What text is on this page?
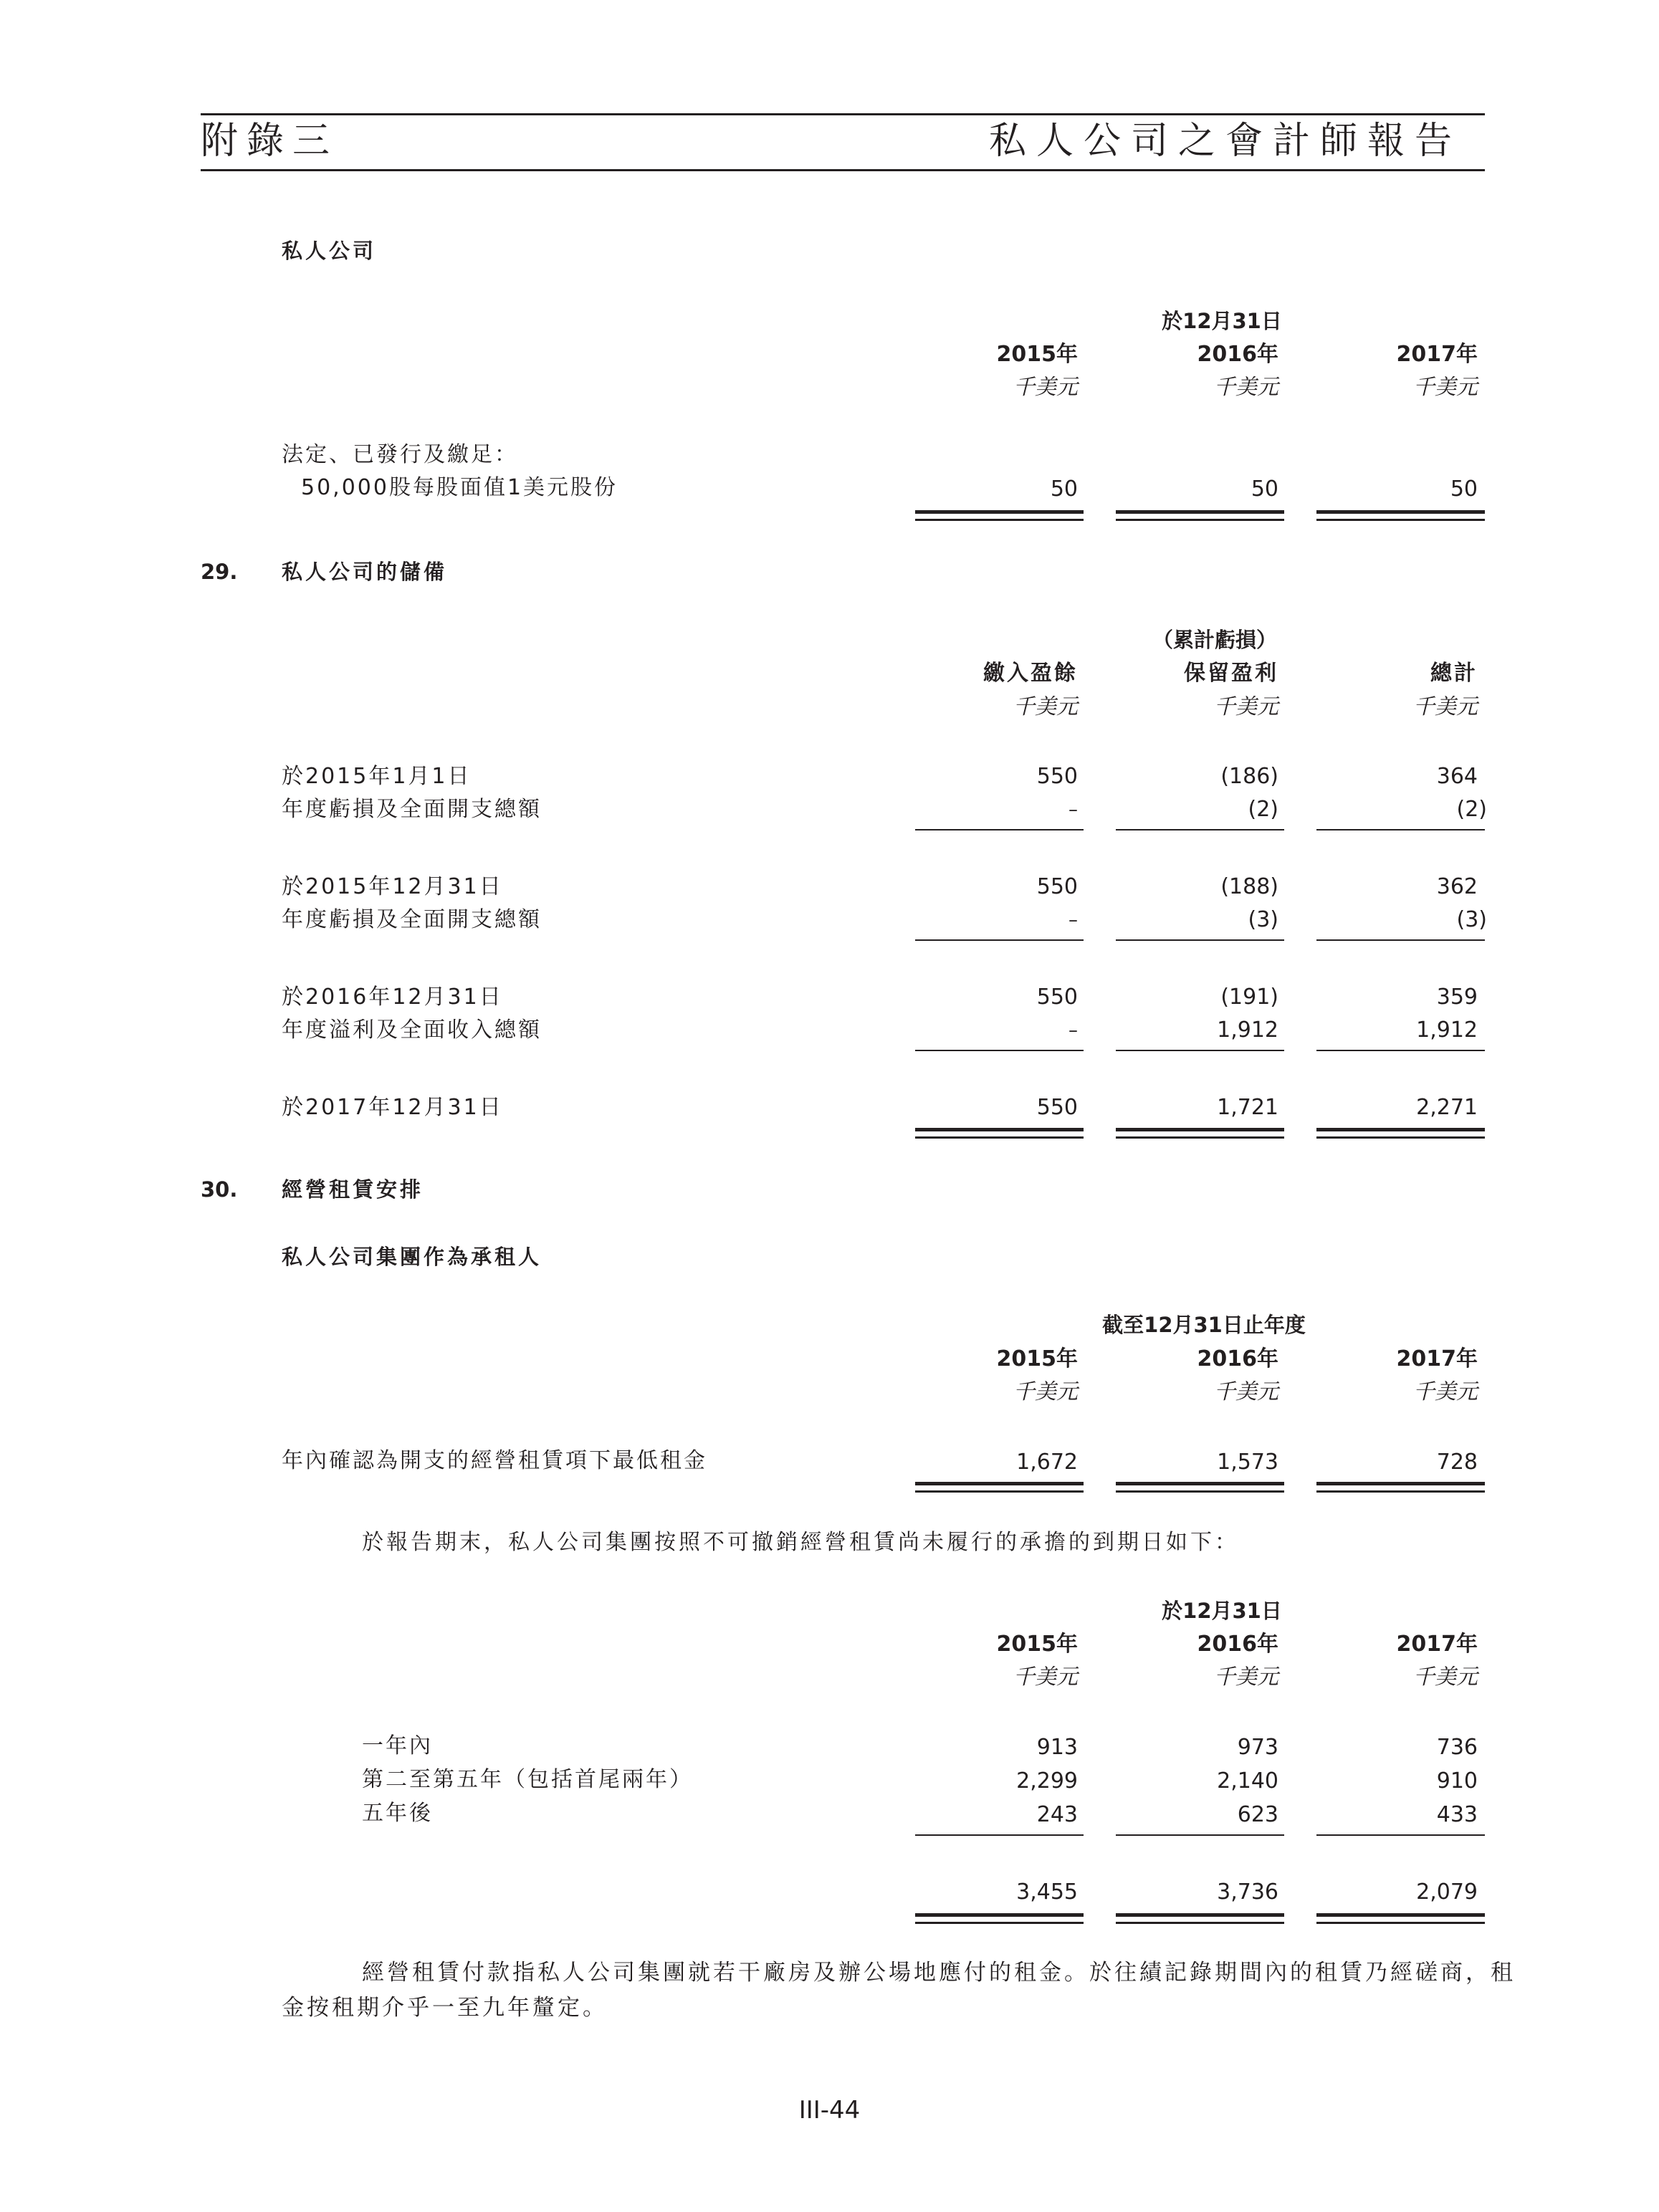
附錄三	私人公司之會計師報告
私人公司
於12月31日
2015年	2016年	2017年
千美元	千美元	千美元
法定、已發行及繳足：
50,000股每股面值1美元股份	50	50	50
29. 私人公司的儲備
（累計虧損）
繳入盈餘	保留盈利	總計
千美元	千美元	千美元
於2015年1月1日	550	(186)	364
年度虧損及全面開支總額	–	(2)	(2)
於2015年12月31日	550	(188)	362
年度虧損及全面開支總額	–	(3)	(3)
於2016年12月31日	550	(191)	359
年度溢利及全面收入總額	–	1,912	1,912
於2017年12月31日	550	1,721	2,271
30. 經營租賃安排
私人公司集團作為承租人
截至12月31日止年度
2015年	2016年	2017年
千美元	千美元	千美元
年內確認為開支的經營租賃項下最低租金	1,672	1,573	728
於報告期末，私人公司集團按照不可撤銷經營租賃尚未履行的承擔的到期日如下：
於12月31日
2015年	2016年	2017年
千美元	千美元	千美元
一年內	913	973	736
第二至第五年（包括首尾兩年）	2,299	2,140	910
五年後	243	623	433
3,455	3,736	2,079
經營租賃付款指私人公司集團就若干廠房及辦公場地應付的租金。於往績記錄期間內的租賃乃經磋商，租
金按租期介乎一至九年釐定。
III-44
